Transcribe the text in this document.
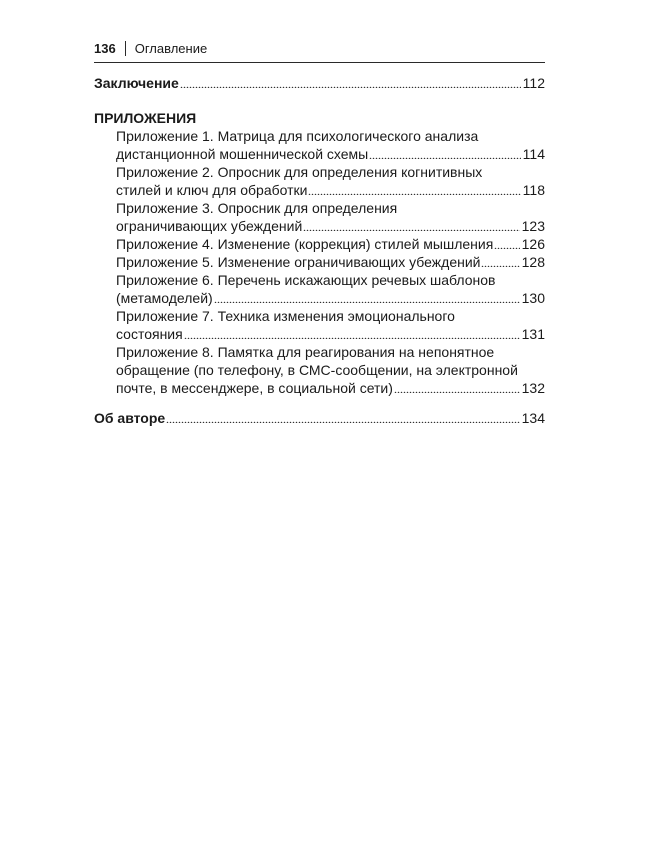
136 Оглавление
Заключение	112
ПРИЛОЖЕНИЯ
Приложение 1. Матрица для психологического анализа
дистанционной мошеннической схемы	114
Приложение 2. Опросник для определения когнитивных
стилей и ключ для обработки	118
Приложение 3. Опросник для определения
ограничивающих убеждений	123
Приложение 4. Изменение (коррекция) стилей мышления 126
Приложение 5. Изменение ограничивающих убеждений	128
Приложение 6. Перечень искажающих речевых шаблонов
(метамоделей)	130
Приложение 7. Техника изменения эмоционального
состояния	131
Приложение 8. Памятка для реагирования на непонятное
обращение (по телефону, в СМС-сообщении, на электронной
почте, в мессенджере, в социальной сети)	132
Об авторе	134
